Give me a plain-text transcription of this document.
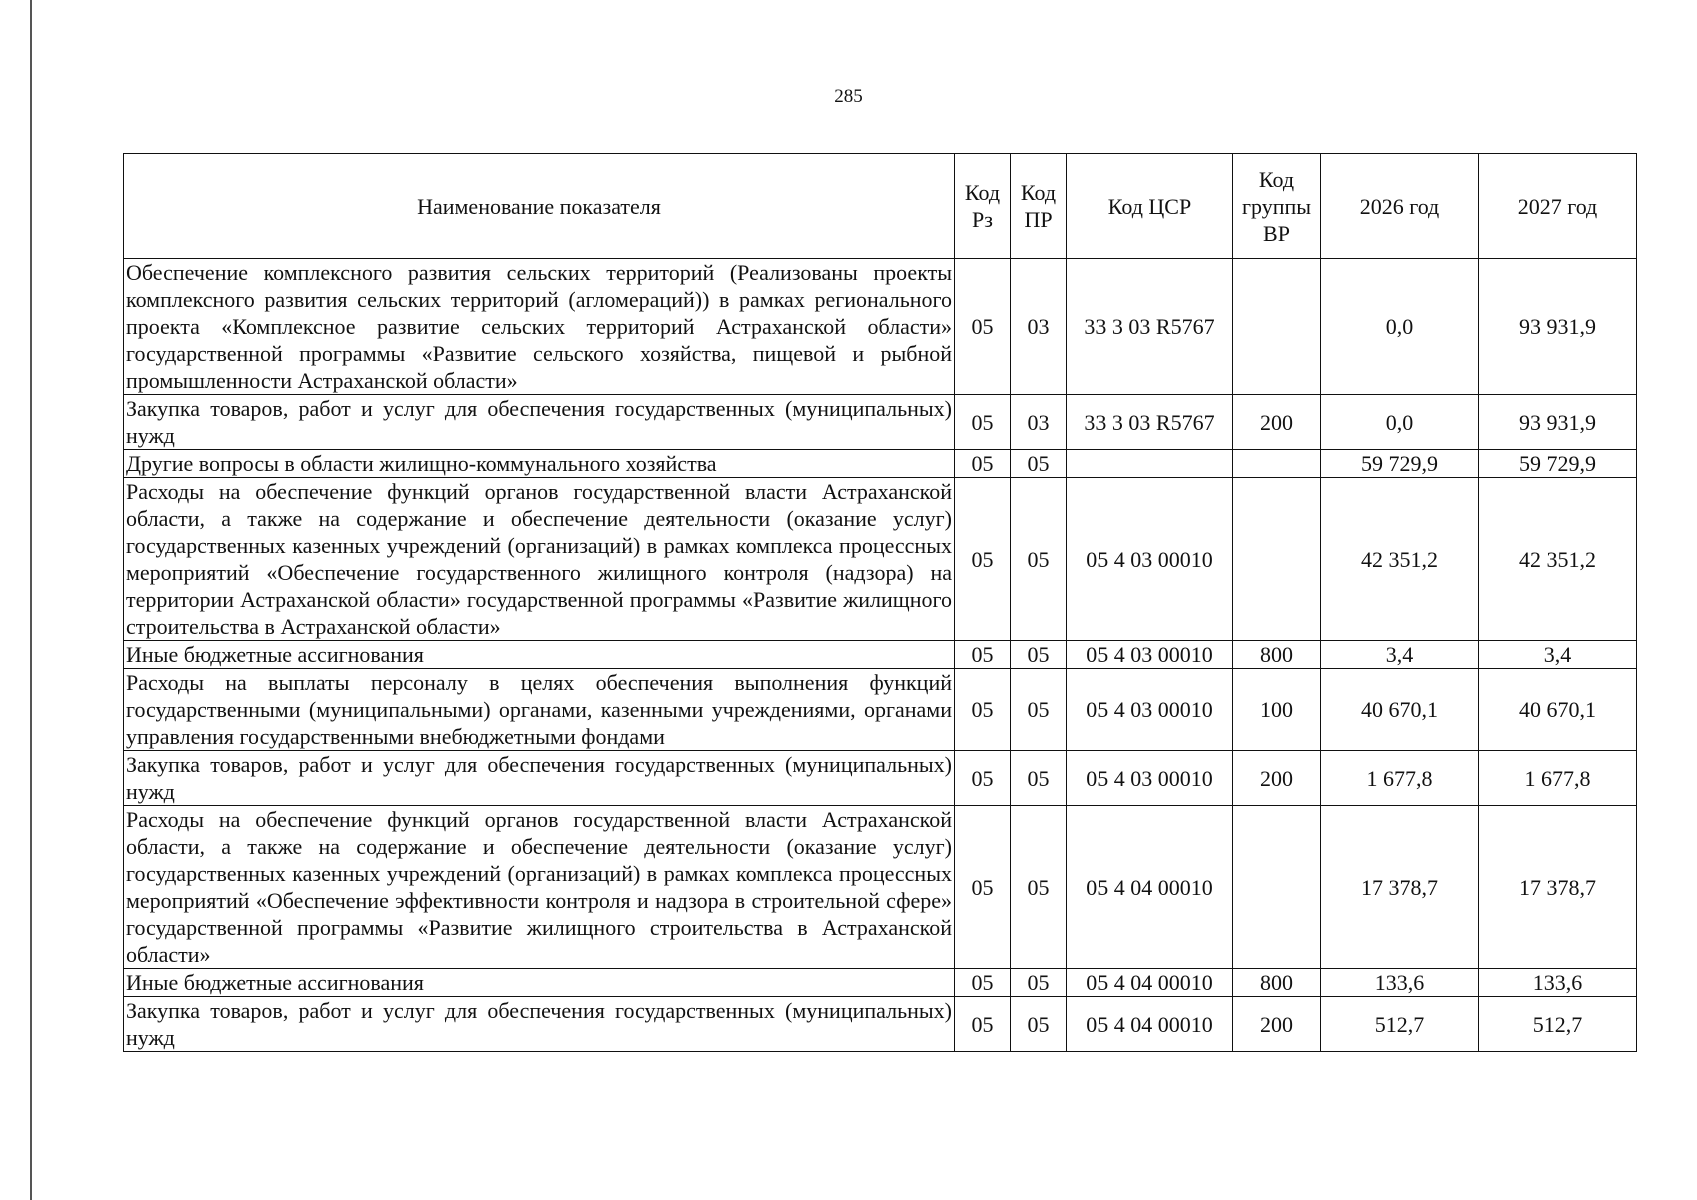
285
Наименование показателя	Код Рз	Код ПР	Код ЦСР	Код группы ВР	2026 год	2027 год
Обеспечение комплексного развития сельских территорий (Реализованы проекты комплексного развития сельских территорий (агломераций)) в рамках регионального проекта «Комплексное развитие сельских территорий Астраханской области» государственной программы «Развитие сельского хозяйства, пищевой и рыбной промышленности Астраханской области»	05	03	33 3 03 R5767		0,0	93 931,9
Закупка товаров, работ и услуг для обеспечения государственных (муниципальных) нужд	05	03	33 3 03 R5767	200	0,0	93 931,9
Другие вопросы в области жилищно-коммунального хозяйства	05	05			59 729,9	59 729,9
Расходы на обеспечение функций органов государственной власти Астраханской области, а также на содержание и обеспечение деятельности (оказание услуг) государственных казенных учреждений (организаций) в рамках комплекса процессных мероприятий «Обеспечение государственного жилищного контроля (надзора) на территории Астраханской области» государственной программы «Развитие жилищного строительства в Астраханской области»	05	05	05 4 03 00010		42 351,2	42 351,2
Иные бюджетные ассигнования	05	05	05 4 03 00010	800	3,4	3,4
Расходы на выплаты персоналу в целях обеспечения выполнения функций государственными (муниципальными) органами, казенными учреждениями, органами управления государственными внебюджетными фондами	05	05	05 4 03 00010	100	40 670,1	40 670,1
Закупка товаров, работ и услуг для обеспечения государственных (муниципальных) нужд	05	05	05 4 03 00010	200	1 677,8	1 677,8
Расходы на обеспечение функций органов государственной власти Астраханской области, а также на содержание и обеспечение деятельности (оказание услуг) государственных казенных учреждений (организаций) в рамках комплекса процессных мероприятий «Обеспечение эффективности контроля и надзора в строительной сфере» государственной программы «Развитие жилищного строительства в Астраханской области»	05	05	05 4 04 00010		17 378,7	17 378,7
Иные бюджетные ассигнования	05	05	05 4 04 00010	800	133,6	133,6
Закупка товаров, работ и услуг для обеспечения государственных (муниципальных) нужд	05	05	05 4 04 00010	200	512,7	512,7
